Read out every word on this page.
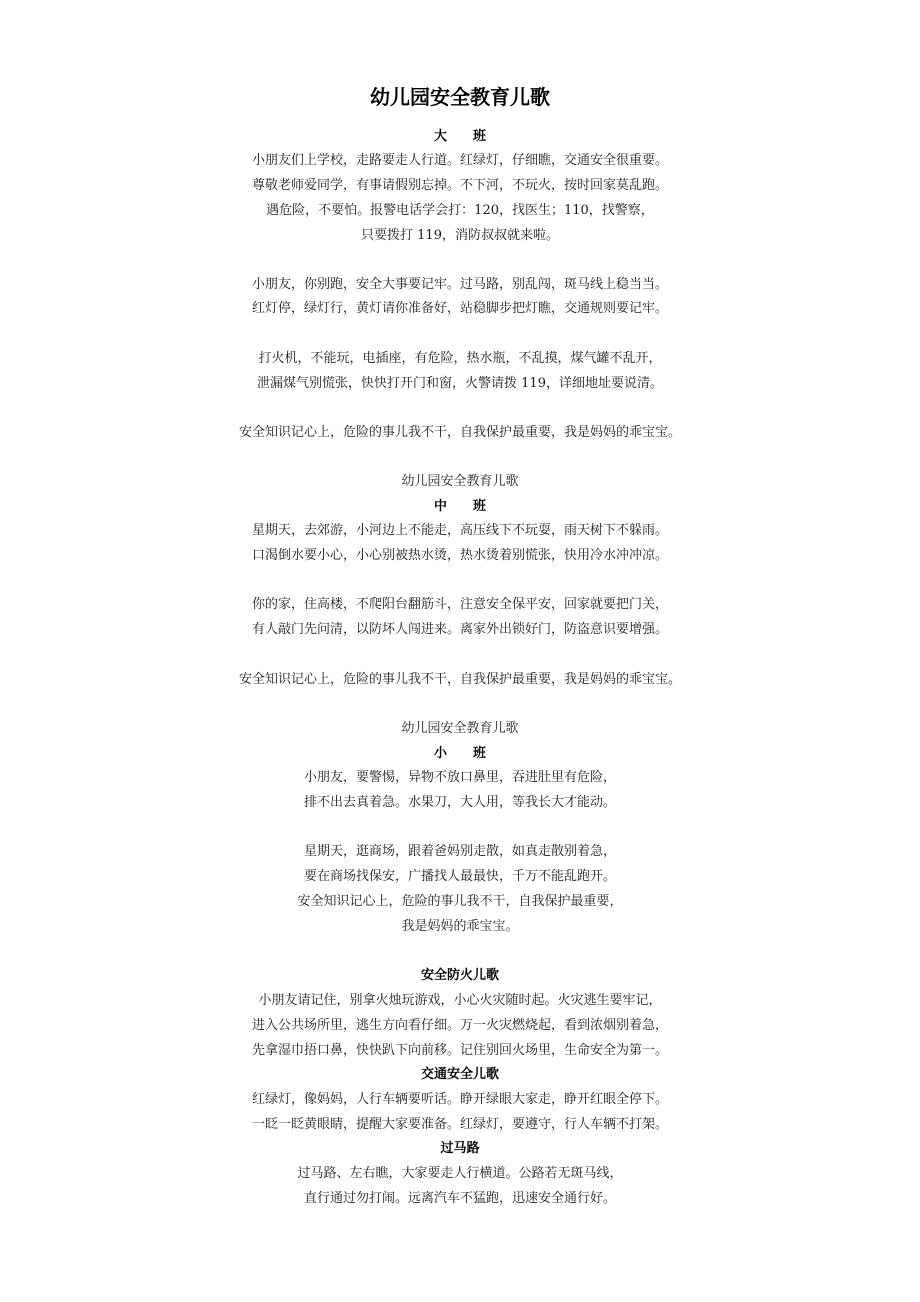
幼儿园安全教育儿歌
大　　班
小朋友们上学校，走路要走人行道。红绿灯，仔细瞧，交通安全很重要。
尊敬老师爱同学，有事请假别忘掉。不下河，不玩火，按时回家莫乱跑。
遇危险，不要怕。报警电话学会打：120，找医生；110，找警察，
只要拨打 119，消防叔叔就来啦。
小朋友，你别跑，安全大事要记牢。过马路，别乱闯，斑马线上稳当当。
红灯停，绿灯行，黄灯请你准备好，站稳脚步把灯瞧，交通规则要记牢。
打火机，不能玩，电插座，有危险，热水瓶，不乱摸，煤气罐不乱开，
泄漏煤气别慌张，快快打开门和窗，火警请拨 119，详细地址要说清。
安全知识记心上，危险的事儿我不干，自我保护最重要，我是妈妈的乖宝宝。
幼儿园安全教育儿歌
中　　班
星期天，去郊游，小河边上不能走，高压线下不玩耍，雨天树下不躲雨。
口渴倒水要小心，小心别被热水烫，热水烫着别慌张，快用冷水冲冲凉。
你的家，住高楼，不爬阳台翻筋斗，注意安全保平安，回家就要把门关，
有人敲门先问清，以防坏人闯进来。离家外出锁好门，防盗意识要增强。
安全知识记心上，危险的事儿我不干，自我保护最重要，我是妈妈的乖宝宝。
幼儿园安全教育儿歌
小　　班
小朋友，要警惕，异物不放口鼻里，吞进肚里有危险，
排不出去真着急。水果刀，大人用，等我长大才能动。
星期天，逛商场，跟着爸妈别走散，如真走散别着急，
要在商场找保安，广播找人最最快，千万不能乱跑开。
安全知识记心上，危险的事儿我不干，自我保护最重要，
我是妈妈的乖宝宝。
安全防火儿歌
小朋友请记住，别拿火烛玩游戏，小心火灾随时起。火灾逃生要牢记，
进入公共场所里，逃生方向看仔细。万一火灾燃烧起，看到浓烟别着急，
先拿湿巾捂口鼻，快快趴下向前移。记住别回火场里，生命安全为第一。
交通安全儿歌
红绿灯，像妈妈，人行车辆要听话。睁开绿眼大家走，睁开红眼全停下。
一眨一眨黄眼睛，提醒大家要准备。红绿灯，要遵守，行人车辆不打架。
过马路
过马路、左右瞧，大家要走人行横道。公路若无斑马线，
直行通过勿打闹。远离汽车不猛跑，迅速安全通行好。
